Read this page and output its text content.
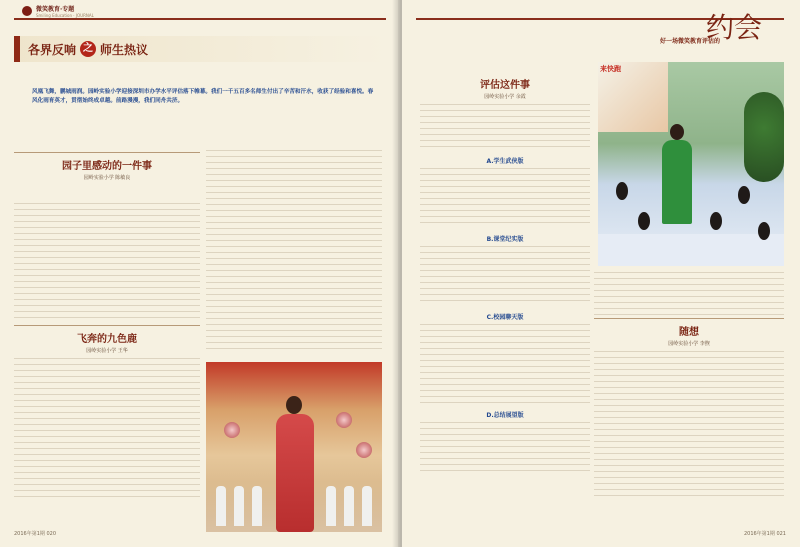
微笑教育·专题
Smiling Education · JOURNAL
各界反响 之 师生热议
风凰飞舞，鹏城雨润。园岭实验小学迎接深圳市办学水平评估落下帷幕。我们一千五百多名师生付出了辛苦和汗水，收获了经验和喜悦。春风化雨育英才，贯彻始终成卓越。前路漫漫，我们同舟共济。
园子里感动的一件事
园岭实验小学 陈敏良

飞奔的九色鹿
园岭实验小学 王华
2016年第1期 020
约会
好一场微笑教育评估的
评估这件事
园岭实验小学 余霞
A.学生武侠版
B.课堂纪实版
C.校园聊天版
D.总结展望版
来快跑
随想
园岭实验小学 李煦
2016年第1期 021
